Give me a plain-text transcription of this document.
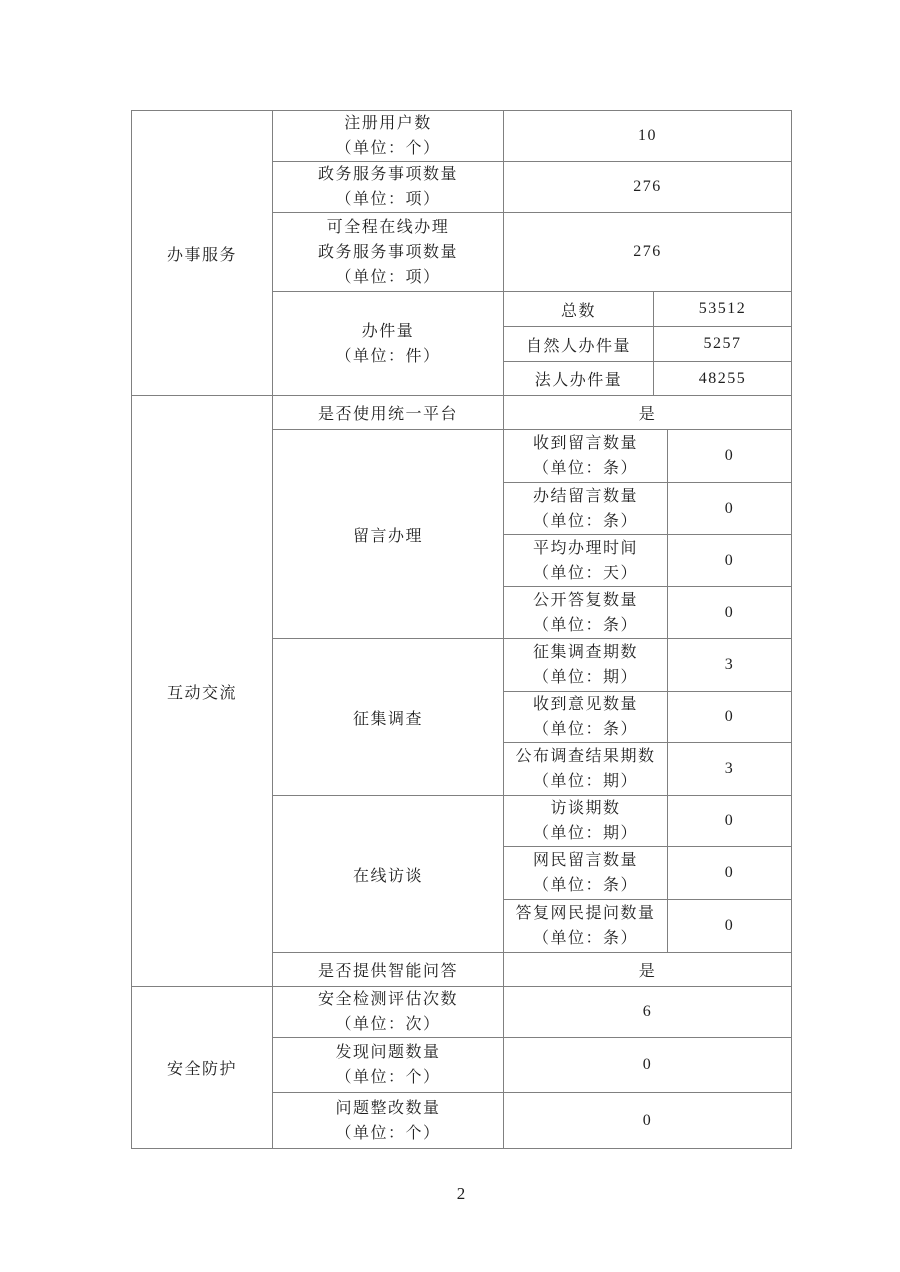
办事服务	注册用户数
（单位：个）	10		

	政务服务事项数量
（单位：项）	276		

	可全程在线办理
政务服务事项数量
（单位：项）	276		

	办件量
（单位：件）	总数	53512	
		自然人办件量	5257	
		法人办件量	48255	
互动交流	是否使用统一平台	是		
	留言办理	收到留言数量
（单位：条）		0

		办结留言数量
（单位：条）		0

		平均办理时间
（单位：天）		0

		公开答复数量
（单位：条）		0
	征集调查	征集调查期数
（单位：期）		3

		收到意见数量
（单位：条）		0

		公布调查结果期数
（单位：期）		3
	在线访谈	访谈期数
（单位：期）		0

		网民留言数量
（单位：条）		0

		答复网民提问数量
（单位：条）		0
	是否提供智能问答	是		
安全防护	安全检测评估次数
（单位：次）	6		

	发现问题数量
（单位：个）	0		

	问题整改数量
（单位：个）	0		
2
